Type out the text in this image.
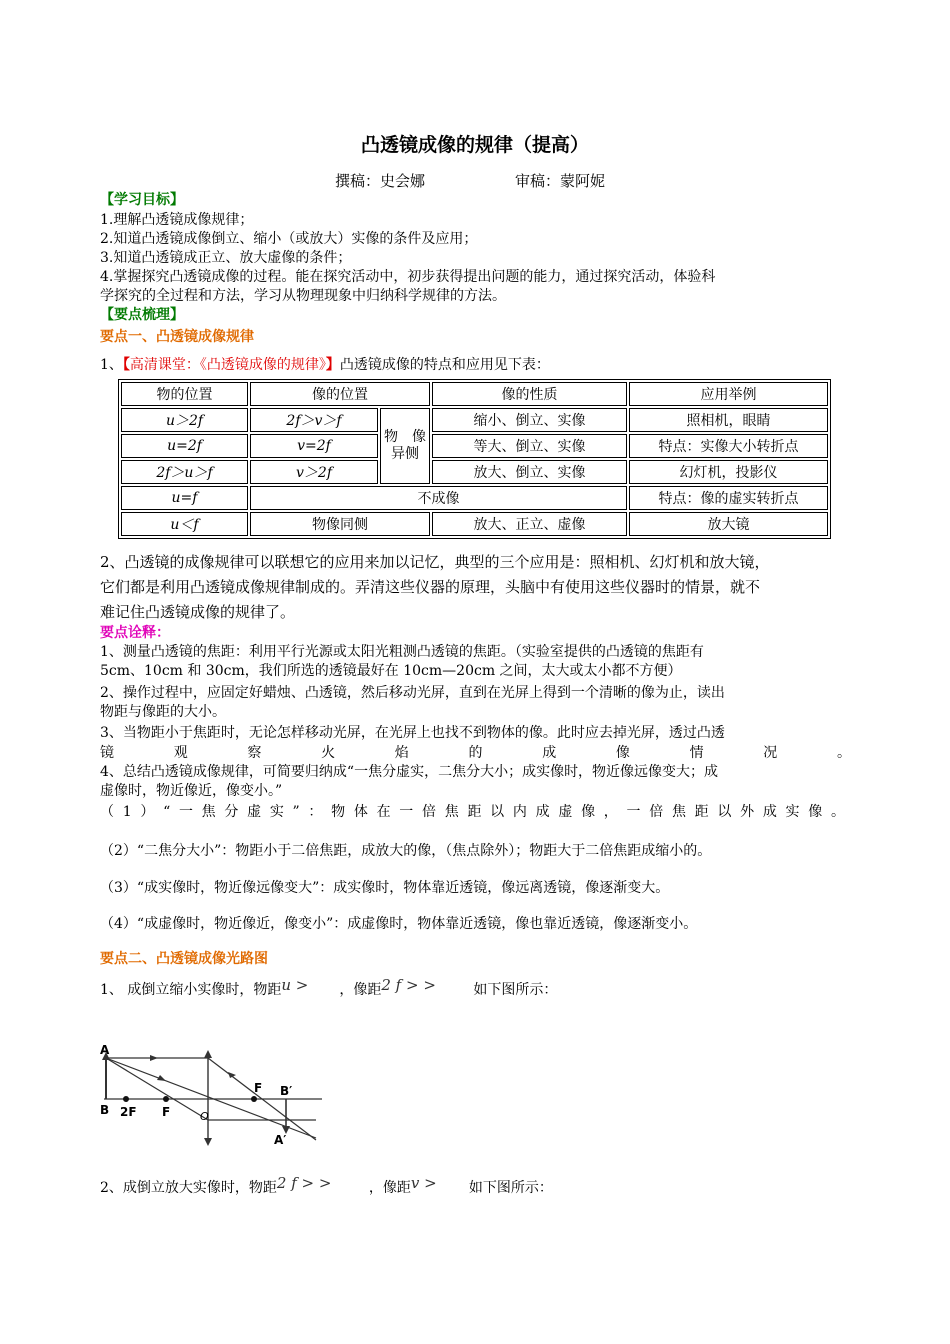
凸透镜成像的规律（提高）
撰稿：史会娜	审稿：蒙阿妮
【学习目标】
1.理解凸透镜成像规律；
2.知道凸透镜成像倒立、缩小（或放大）实像的条件及应用；
3.知道凸透镜成正立、放大虚像的条件；
4.掌握探究凸透镜成像的过程。能在探究活动中，初步获得提出问题的能力，通过探究活动，体验科
学探究的全过程和方法，学习从物理现象中归纳科学规律的方法。
【要点梳理】
要点一、凸透镜成像规律
1、【高清课堂：《凸透镜成像的规律》】凸透镜成像的特点和应用见下表：
物的位置	像的位置		像的性质	应用举例
u＞2f	2f＞v＞f	物　像异侧	缩小、倒立、实像	照相机，眼睛
u=2f	v=2f		等大、倒立、实像	特点：实像大小转折点
2f＞u＞f	v＞2f		放大、倒立、实像	幻灯机，投影仪
u=f	不成像			特点：像的虚实转折点
u＜f	物像同侧		放大、正立、虚像	放大镜
2、凸透镜的成像规律可以联想它的应用来加以记忆，典型的三个应用是：照相机、幻灯机和放大镜，
它们都是利用凸透镜成像规律制成的。弄清这些仪器的原理，头脑中有使用这些仪器时的情景，就不
难记住凸透镜成像的规律了。
要点诠释：
1、测量凸透镜的焦距：利用平行光源或太阳光粗测凸透镜的焦距。（实验室提供的凸透镜的焦距有
5cm、10cm 和 30cm，我们所选的透镜最好在 10cm—20cm 之间，太大或太小都不方便）
2、操作过程中，应固定好蜡烛、凸透镜，然后移动光屏，直到在光屏上得到一个清晰的像为止，读出
物距与像距的大小。
3、当物距小于焦距时，无论怎样移动光屏，在光屏上也找不到物体的像。此时应去掉光屏，透过凸透
镜观察火焰的成像情况。
4、总结凸透镜成像规律，可简要归纳成“一焦分虚实，二焦分大小；成实像时，物近像远像变大；成
虚像时，物近像近，像变小。”
（1）“一焦分虚实”：物体在一倍焦距以内成虚像，一倍焦距以外成实像。
（2）“二焦分大小”：物距小于二倍焦距，成放大的像，（焦点除外）；物距大于二倍焦距成缩小的。
（3）“成实像时，物近像远像变大”：成实像时，物体靠近透镜，像远离透镜，像逐渐变大。
（4）“成虚像时，物近像近，像变小”：成虚像时，物体靠近透镜，像也靠近透镜，像逐渐变小。
要点二、凸透镜成像光路图
1、 成倒立缩小实像时，物距u > ，像距2 f > >	如下图所示：
A
B 2F F	O
F B′
A′
2、成倒立放大实像时，物距2 f > >	，像距v > 如下图所示：
